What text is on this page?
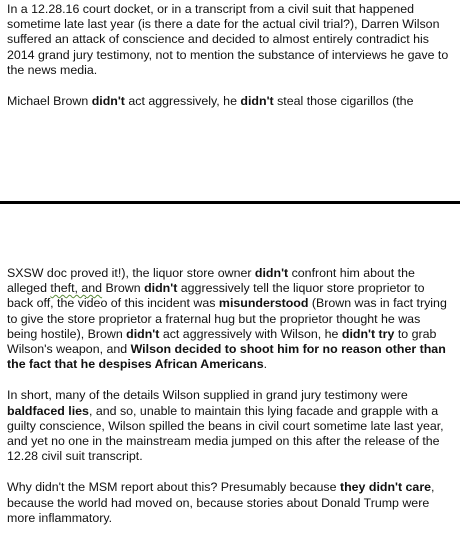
In a 12.28.16 court docket, or in a transcript from a civil suit that happened sometime late last year (is there a date for the actual civil trial?), Darren Wilson suffered an attack of conscience and decided to almost entirely contradict his 2014 grand jury testimony, not to mention the substance of interviews he gave to the news media.

Michael Brown didn't act aggressively, he didn't steal those cigarillos (the

SXSW doc proved it!), the liquor store owner didn't confront him about the alleged theft, and Brown didn't aggressively tell the liquor store proprietor to back off, the video of this incident was misunderstood (Brown was in fact trying to give the store proprietor a fraternal hug but the proprietor thought he was being hostile), Brown didn't act aggressively with Wilson, he didn't try to grab Wilson's weapon, and Wilson decided to shoot him for no reason other than the fact that he despises African Americans.

In short, many of the details Wilson supplied in grand jury testimony were baldfaced lies, and so, unable to maintain this lying facade and grapple with a guilty conscience, Wilson spilled the beans in civil court sometime late last year, and yet no one in the mainstream media jumped on this after the release of the 12.28 civil suit transcript.

Why didn't the MSM report about this? Presumably because they didn't care, because the world had moved on, because stories about Donald Trump were more inflammatory.
